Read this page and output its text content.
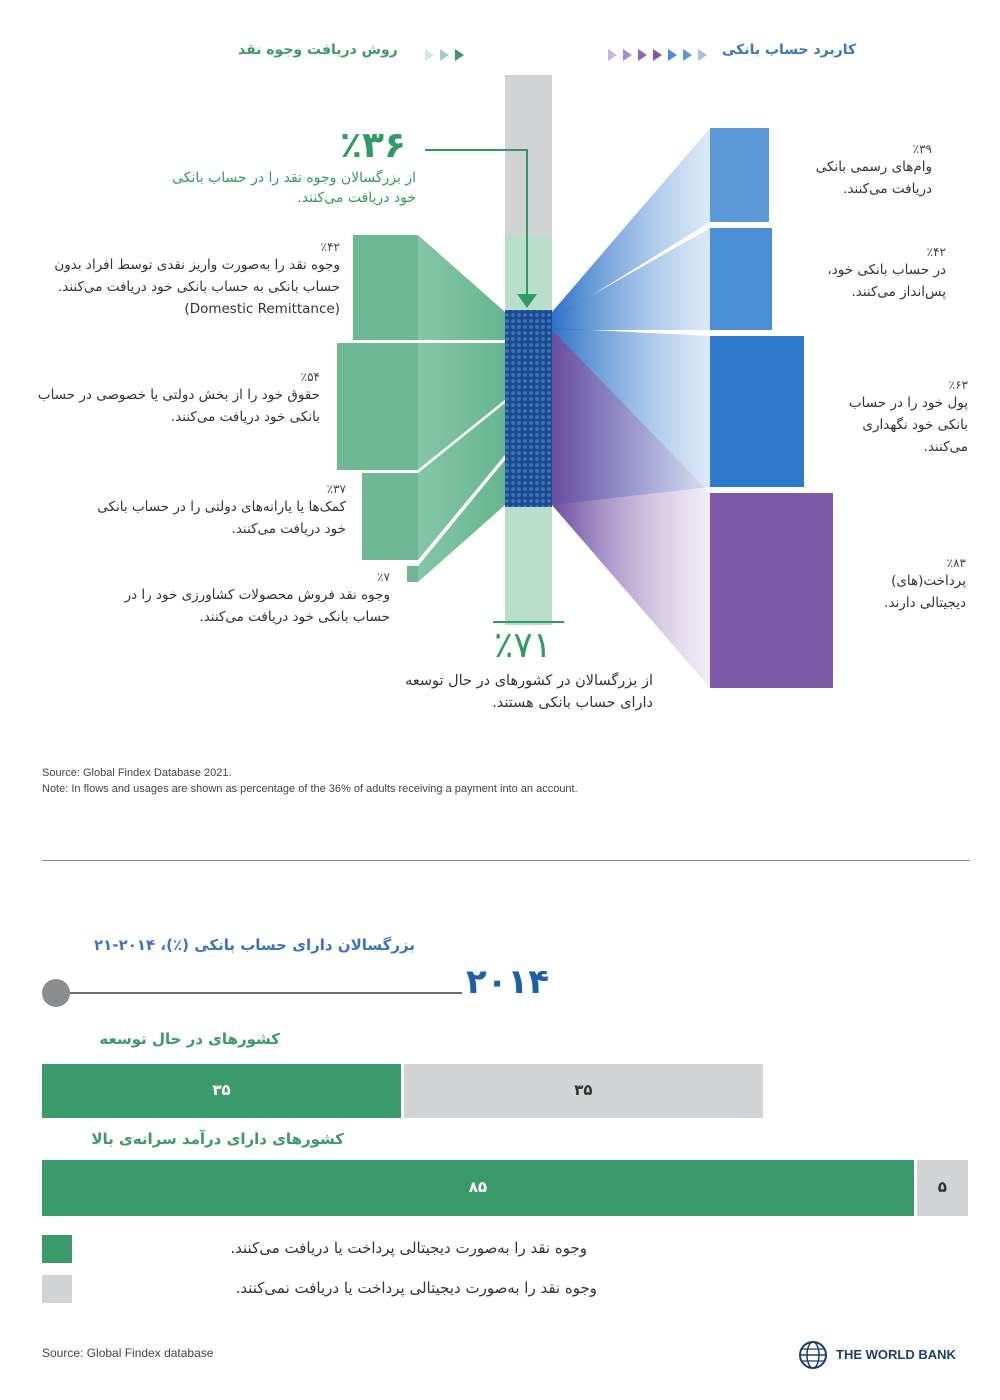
روش دریافت وجوه نقد	کاربرد حساب بانکی
٪۳۶
از بزرگسالان وجوه نقد را در حساب بانکی خود دریافت می‌کنند.
٪۷۱
از بزرگسالان در کشورهای در حال توسعه دارای حساب بانکی هستند.
٪۴۲
وجوه نقد را به‌صورت واریز نقدی توسط افراد بدون حساب بانکی به حساب بانکی خود دریافت می‌کنند. (Domestic Remittance)
٪۵۴
حقوق خود را از بخش دولتی یا خصوصی در حساب بانکی خود دریافت می‌کنند.
٪۳۷
کمک‌ها یا یارانه‌های دولتی را در حساب بانکی خود دریافت می‌کنند.
٪۷
وجوه نقد فروش محصولات کشاورزی خود را در حساب بانکی خود دریافت می‌کنند.
٪۳۹
وام‌های رسمی بانکی دریافت می‌کنند.
٪۴۲
در حساب بانکی خود، پس‌انداز می‌کنند.
٪۶۳
پول خود را در حساب بانکی خود نگهداری می‌کنند.
٪۸۳
پرداخت(های) دیجیتالی دارند.
Source: Global Findex Database 2021.
Note: In flows and usages are shown as percentage of the 36% of adults receiving a payment into an account.
بزرگسالان دارای حساب بانکی (٪)، ۲۰۱۴-۲۱
۲۰۱۴
کشورهای در حال توسعه
کشورهای دارای درآمد سرانه‌ی بالا
۳۵	۳۵
۸۵	۵
وجوه نقد را به‌صورت دیجیتالی پرداخت یا دریافت می‌کنند.
وجوه نقد را به‌صورت دیجیتالی پرداخت یا دریافت نمی‌کنند.
Source: Global Findex database	THE WORLD BANK
